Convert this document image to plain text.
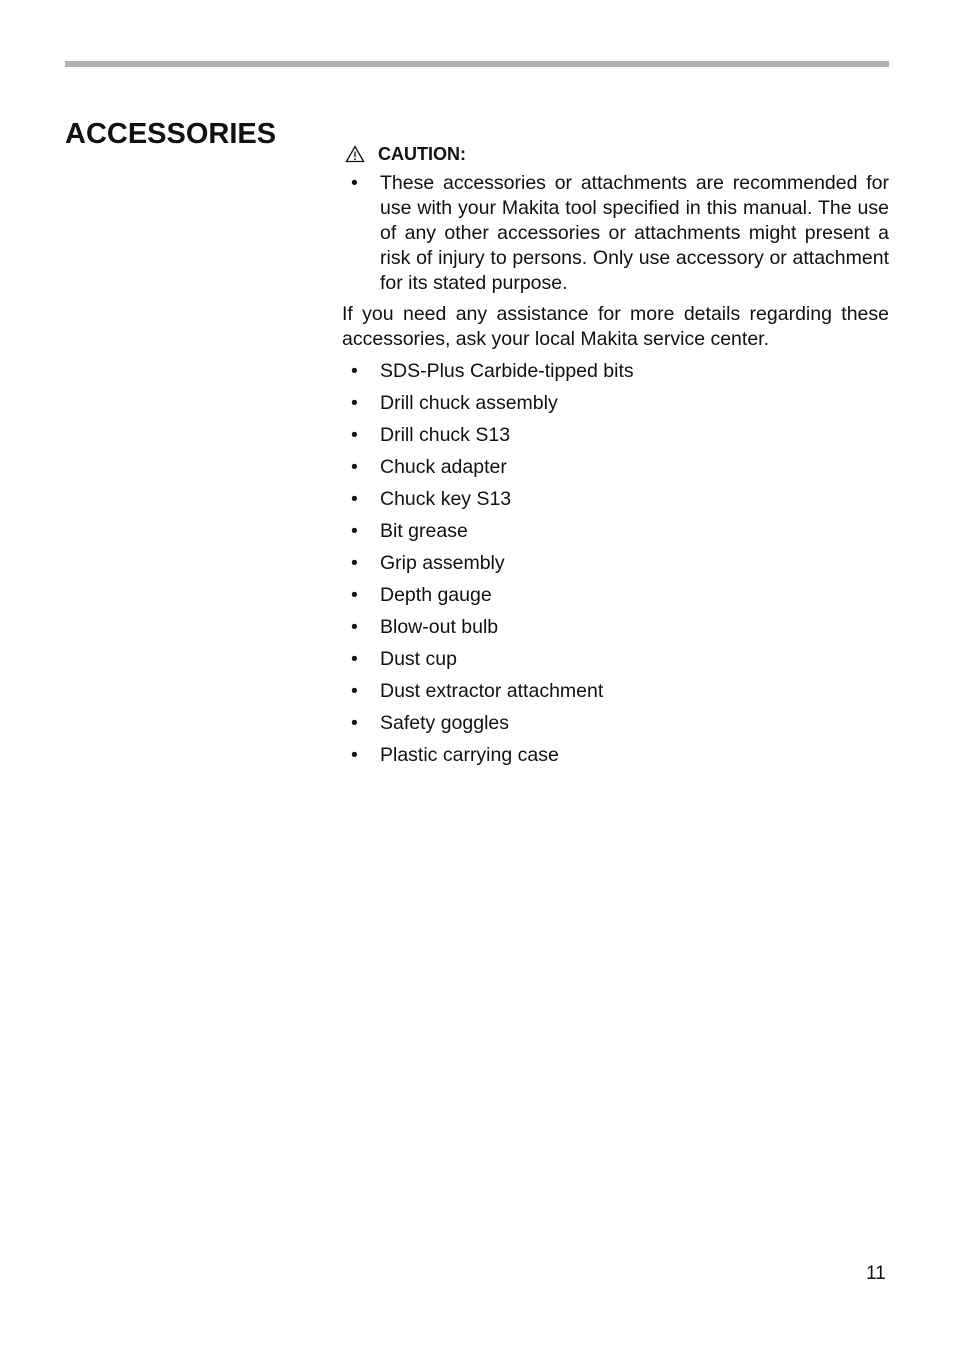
ACCESSORIES
CAUTION:
• These accessories or attachments are recommended for use with your Makita tool specified in this manual. The use of any other accessories or attachments might present a risk of injury to persons. Only use accessory or attachment for its stated purpose.

If you need any assistance for more details regarding these accessories, ask your local Makita service center.

• SDS-Plus Carbide-tipped bits
• Drill chuck assembly
• Drill chuck S13
• Chuck adapter
• Chuck key S13
• Bit grease
• Grip assembly
• Depth gauge
• Blow-out bulb
• Dust cup
• Dust extractor attachment
• Safety goggles
• Plastic carrying case
11
